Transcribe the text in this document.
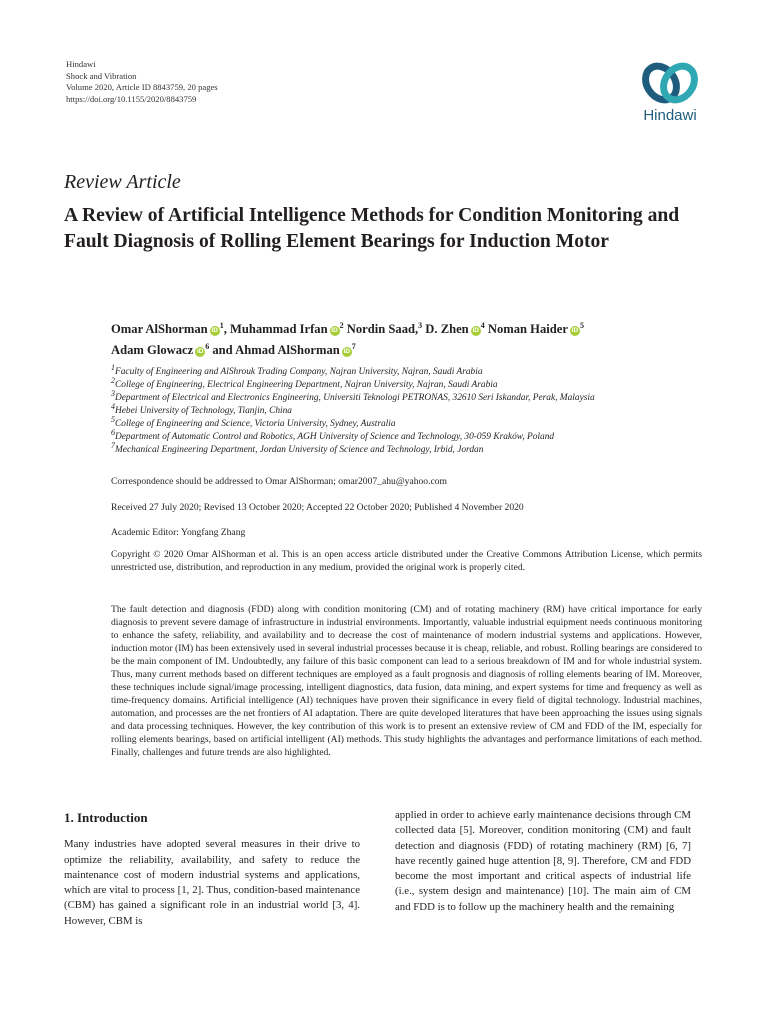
Hindawi
Shock and Vibration
Volume 2020, Article ID 8843759, 20 pages
https://doi.org/10.1155/2020/8843759
Hindawi
Review Article
A Review of Artificial Intelligence Methods for Condition Monitoring and Fault Diagnosis of Rolling Element Bearings for Induction Motor
Omar AlShorman $iD^1$, Muhammad Irfan $iD^2$ Nordin Saad,$^3$ D. Zhen $iD^4$ Noman Haider $iD^5$
Adam Glowacz $iD^6$ and Ahmad AlShorman $iD^7$
$^1$Faculty of Engineering and AlShrouk Trading Company, Najran University, Najran, Saudi Arabia
$^2$College of Engineering, Electrical Engineering Department, Najran University, Najran, Saudi Arabia
$^3$Department of Electrical and Electronics Engineering, Universiti Teknologi PETRONAS, 32610 Seri Iskandar, Perak, Malaysia
$^4$Hebei University of Technology, Tianjin, China
$^5$College of Engineering and Science, Victoria University, Sydney, Australia
$^6$Department of Automatic Control and Robotics, AGH University of Science and Technology, 30-059 Kraków, Poland
$^7$Mechanical Engineering Department, Jordan University of Science and Technology, Irbid, Jordan
Correspondence should be addressed to Omar AlShorman; omar2007_ahu@yahoo.com
Received 27 July 2020; Revised 13 October 2020; Accepted 22 October 2020; Published 4 November 2020
Academic Editor: Yongfang Zhang
Copyright © 2020 Omar AlShorman et al. This is an open access article distributed under the Creative Commons Attribution License, which permits unrestricted use, distribution, and reproduction in any medium, provided the original work is properly cited.
The fault detection and diagnosis (FDD) along with condition monitoring (CM) and of rotating machinery (RM) have critical importance for early diagnosis to prevent severe damage of infrastructure in industrial environments. Importantly, valuable industrial equipment needs continuous monitoring to enhance the safety, reliability, and availability and to decrease the cost of maintenance of modern industrial systems and applications. However, induction motor (IM) has been extensively used in several industrial processes because it is cheap, reliable, and robust. Rolling bearings are considered to be the main component of IM. Undoubtedly, any failure of this basic component can lead to a serious breakdown of IM and for whole industrial system. Thus, many current methods based on different techniques are employed as a fault prognosis and diagnosis of rolling elements bearing of IM. Moreover, these techniques include signal/image processing, intelligent diagnostics, data fusion, data mining, and expert systems for time and frequency as well as time-frequency domains. Artificial intelligence (AI) techniques have proven their significance in every field of digital technology. Industrial machines, automation, and processes are the net frontiers of AI adaptation. There are quite developed literatures that have been approaching the issues using signals and data processing techniques. However, the key contribution of this work is to present an extensive review of CM and FDD of the IM, especially for rolling elements bearings, based on artificial intelligent (AI) methods. This study highlights the advantages and performance limitations of each method. Finally, challenges and future trends are also highlighted.
1. Introduction
Many industries have adopted several measures in their drive to optimize the reliability, availability, and safety to reduce the maintenance cost of modern industrial systems and applications, which are vital to process [1, 2]. Thus, condition-based maintenance (CBM) has gained a significant role in an industrial world [3, 4]. However, CBM is
applied in order to achieve early maintenance decisions through CM collected data [5]. Moreover, condition monitoring (CM) and fault detection and diagnosis (FDD) of rotating machinery (RM) [6, 7] have recently gained huge attention [8, 9]. Therefore, CM and FDD become the most important and critical aspects of industrial life (i.e., system design and maintenance) [10]. The main aim of CM and FDD is to follow up the machinery health and the remaining
